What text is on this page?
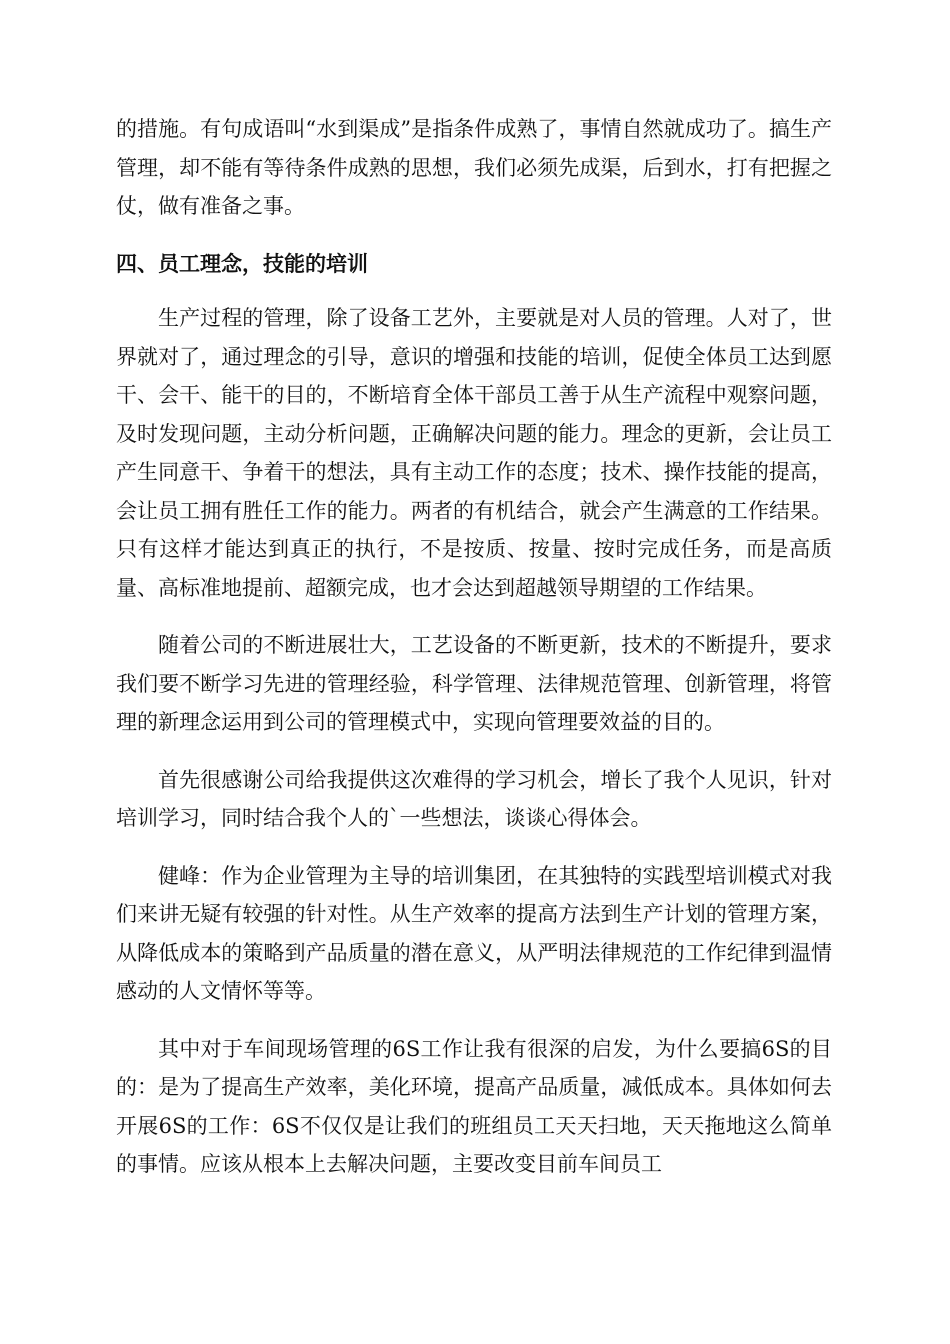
的措施。有句成语叫“水到渠成”是指条件成熟了，事情自然就成功了。搞生产管理，却不能有等待条件成熟的思想，我们必须先成渠，后到水，打有把握之仗，做有准备之事。

四、员工理念，技能的培训

生产过程的管理，除了设备工艺外，主要就是对人员的管理。人对了，世界就对了，通过理念的引导，意识的增强和技能的培训，促使全体员工达到愿干、会干、能干的目的，不断培育全体干部员工善于从生产流程中观察问题，及时发现问题，主动分析问题，正确解决问题的能力。理念的更新，会让员工产生同意干、争着干的想法，具有主动工作的态度；技术、操作技能的提高，会让员工拥有胜任工作的能力。两者的有机结合，就会产生满意的工作结果。只有这样才能达到真正的执行，不是按质、按量、按时完成任务，而是高质量、高标准地提前、超额完成，也才会达到超越领导期望的工作结果。

随着公司的不断进展壮大，工艺设备的不断更新，技术的不断提升，要求我们要不断学习先进的管理经验，科学管理、法律规范管理、创新管理，将管理的新理念运用到公司的管理模式中，实现向管理要效益的目的。

首先很感谢公司给我提供这次难得的学习机会，增长了我个人见识，针对培训学习，同时结合我个人的`一些想法，谈谈心得体会。

健峰：作为企业管理为主导的培训集团，在其独特的实践型培训模式对我们来讲无疑有较强的针对性。从生产效率的提高方法到生产计划的管理方案，从降低成本的策略到产品质量的潜在意义，从严明法律规范的工作纪律到温情感动的人文情怀等等。

其中对于车间现场管理的6S工作让我有很深的启发，为什么要搞6S的目的：是为了提高生产效率，美化环境，提高产品质量，减低成本。具体如何去开展6S的工作：6S不仅仅是让我们的班组员工天天扫地，天天拖地这么简单的事情。应该从根本上去解决问题，主要改变目前车间员工
